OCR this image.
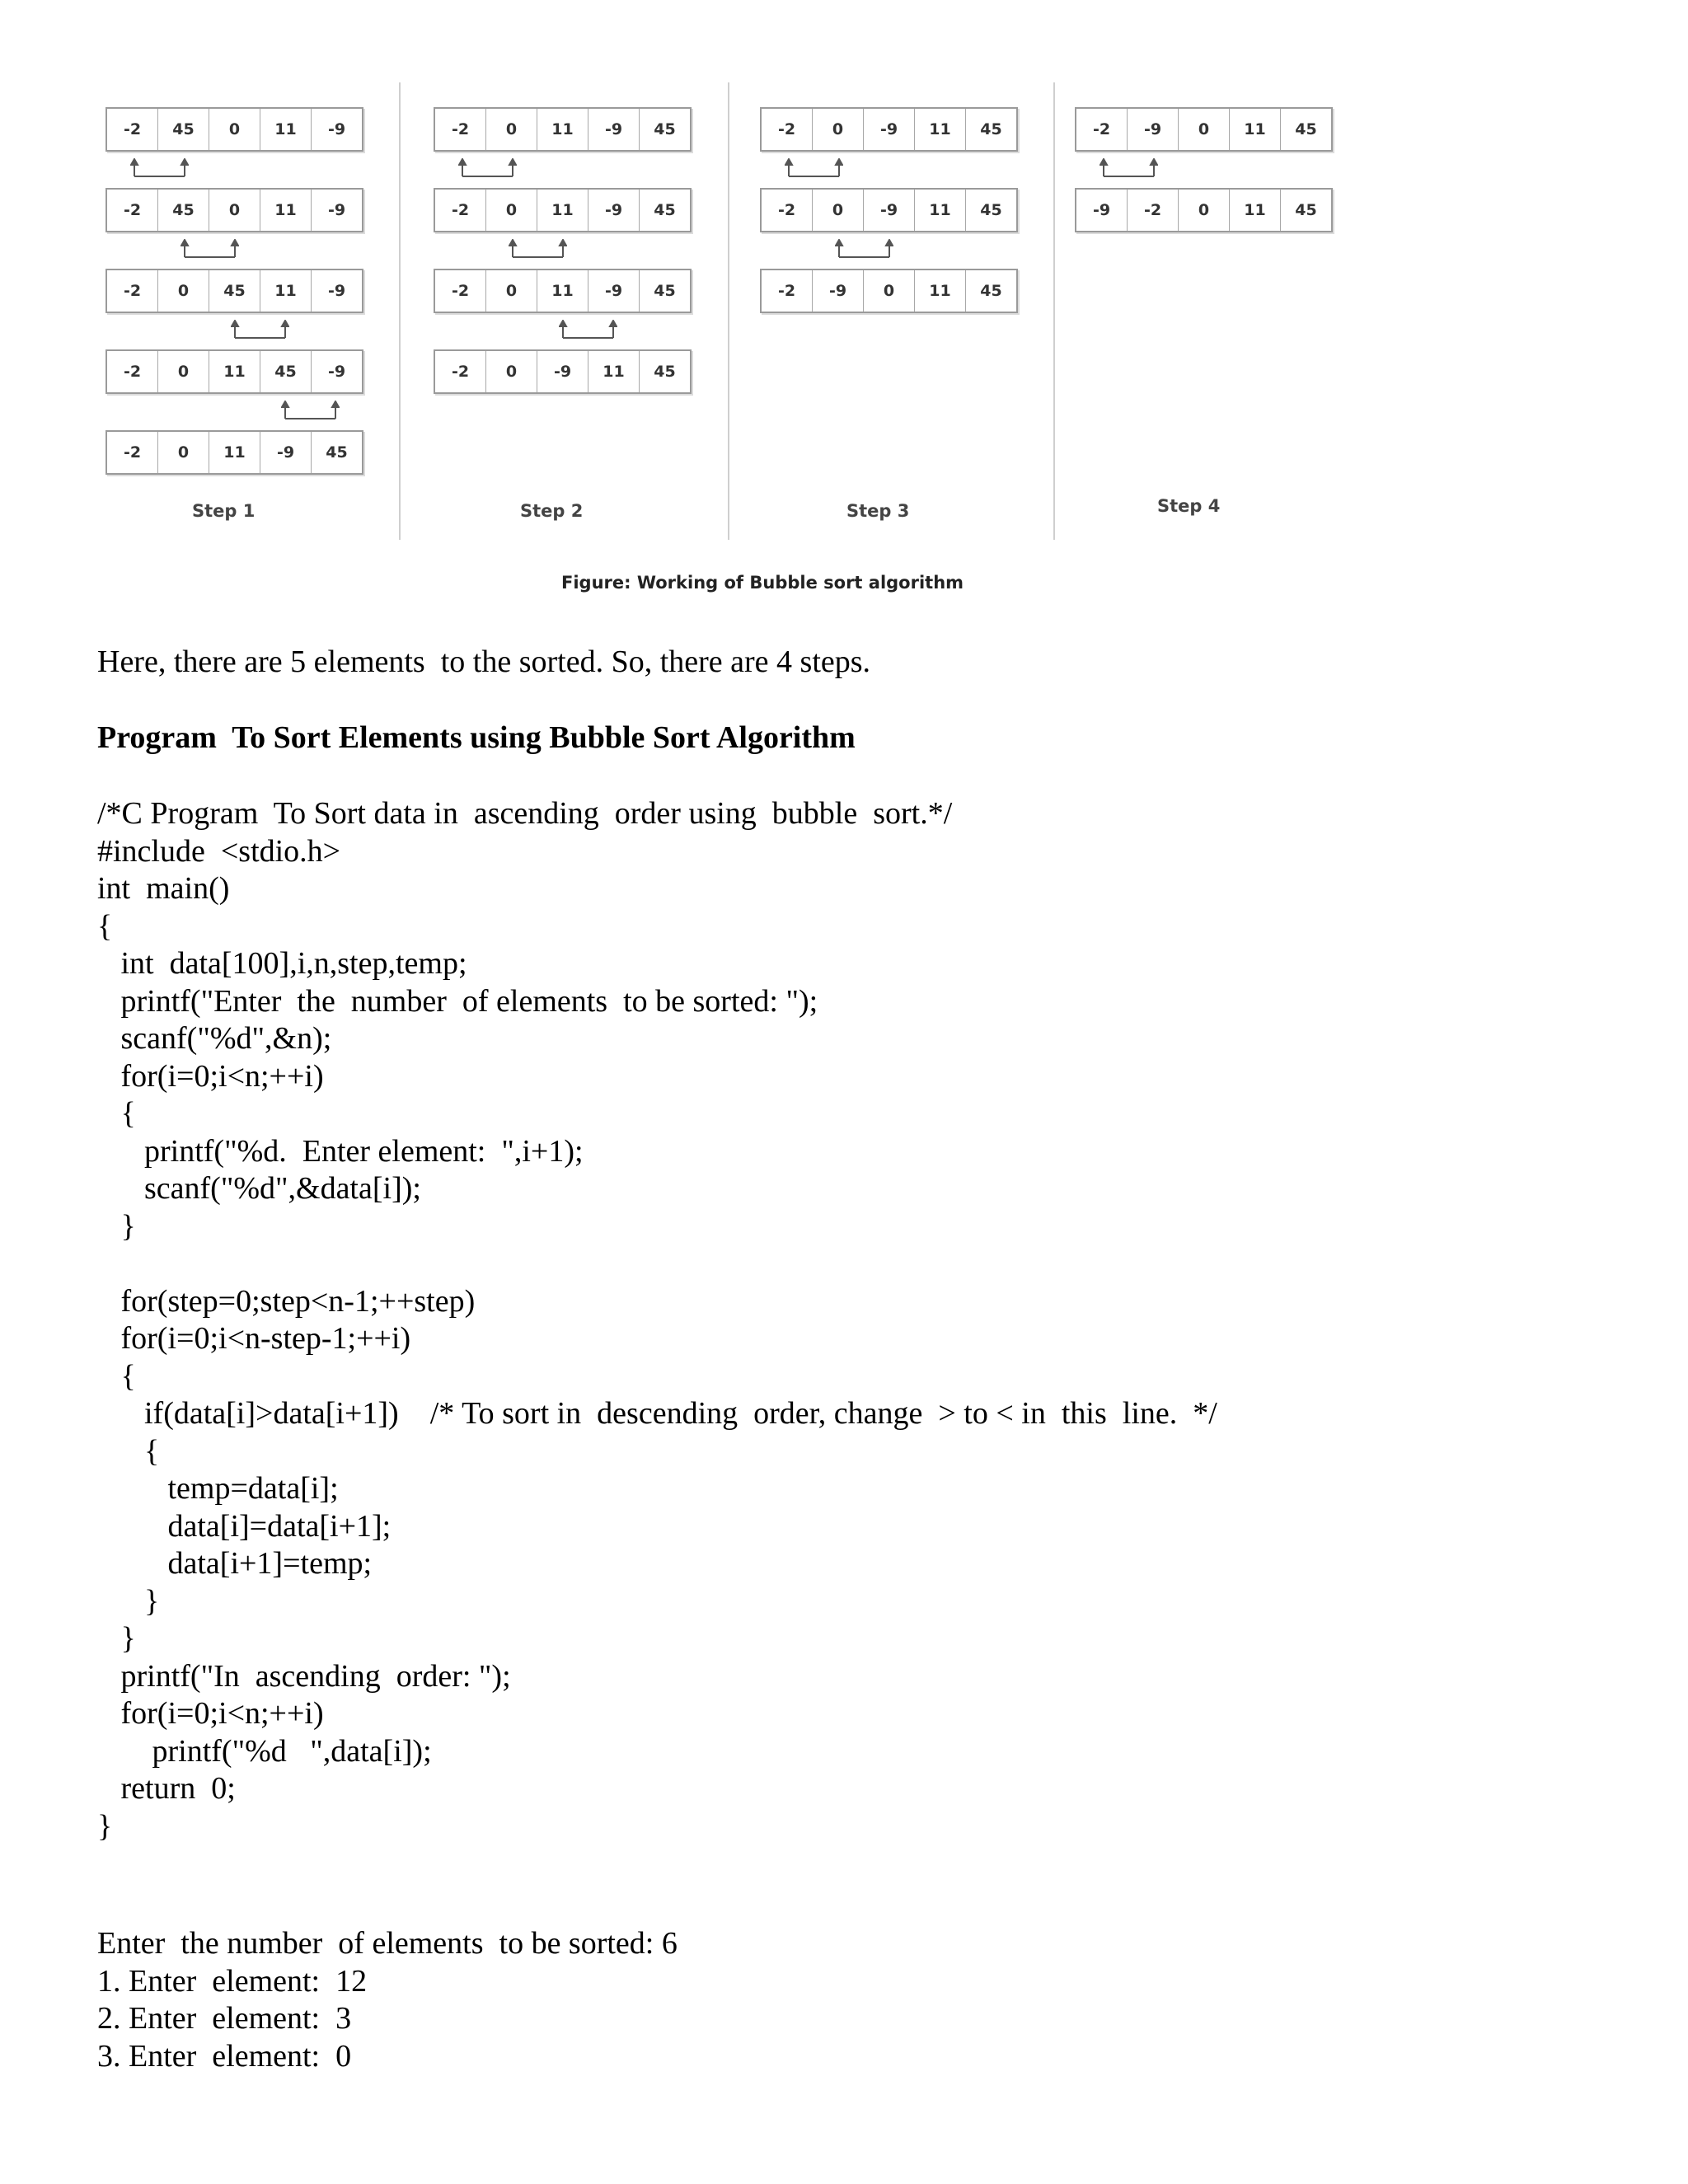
-2	45	0	11	-9
-2	45	0	11	-9
-2	0	45	11	-9
-2	0	11	45	-9
-2	0	11	-9	45
Step 1
-2	0	11	-9	45
-2	0	11	-9	45
-2	0	11	-9	45
-2	0	-9	11	45
Step 2
-2	0	-9	11	45
-2	0	-9	11	45
-2	-9	0	11	45
Step 3
-2	-9	0	11	45
-9	-2	0	11	45
Step 4
Figure: Working of Bubble sort algorithm
Here, there are 5 elements  to the sorted. So, there are 4 steps.
Program  To Sort Elements using Bubble Sort Algorithm
/*C Program  To Sort data in  ascending  order using  bubble  sort.*/
#include  <stdio.h>
int  main()
{
int  data[100],i,n,step,temp;
printf("Enter  the  number  of elements  to be sorted: ");
scanf("%d",&n);
for(i=0;i<n;++i)
{
printf("%d.  Enter element:  ",i+1);
scanf("%d",&data[i]);
}
for(step=0;step<n-1;++step)
for(i=0;i<n-step-1;++i)
{
if(data[i]>data[i+1])    /* To sort in  descending  order, change  > to < in  this  line.  */
{
temp=data[i];
data[i]=data[i+1];
data[i+1]=temp;
}
}
printf("In  ascending  order: ");
for(i=0;i<n;++i)
printf("%d   ",data[i]);
return  0;
}
Enter  the number  of elements  to be sorted: 6
1. Enter  element:  12
2. Enter  element:  3
3. Enter  element:  0
